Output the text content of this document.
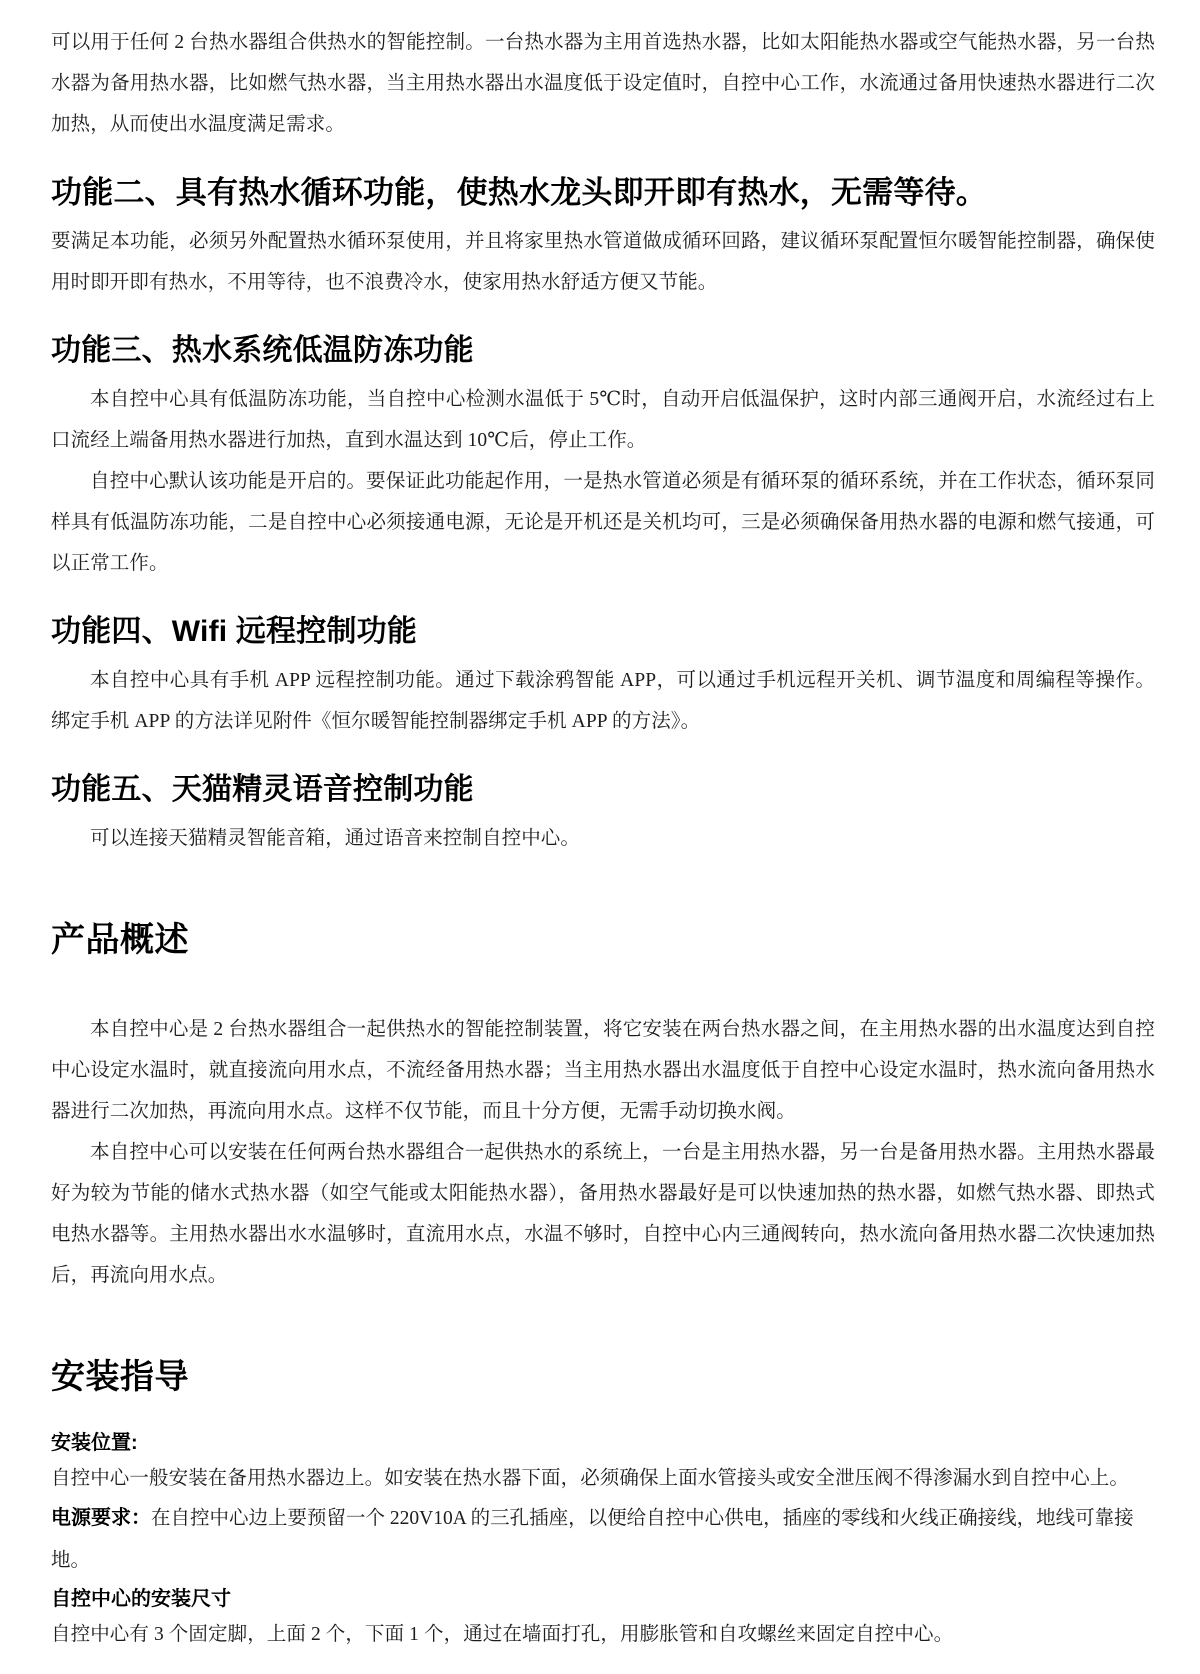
可以用于任何 2 台热水器组合供热水的智能控制。一台热水器为主用首选热水器，比如太阳能热水器或空气能热水器，另一台热水器为备用热水器，比如燃气热水器，当主用热水器出水温度低于设定值时，自控中心工作，水流通过备用快速热水器进行二次加热，从而使出水温度满足需求。

功能二、具有热水循环功能，使热水龙头即开即有热水，无需等待。

要满足本功能，必须另外配置热水循环泵使用，并且将家里热水管道做成循环回路，建议循环泵配置恒尔暖智能控制器，确保使用时即开即有热水，不用等待，也不浪费冷水，使家用热水舒适方便又节能。

功能三、热水系统低温防冻功能

本自控中心具有低温防冻功能，当自控中心检测水温低于 5℃时，自动开启低温保护，这时内部三通阀开启，水流经过右上口流经上端备用热水器进行加热，直到水温达到 10℃后，停止工作。

自控中心默认该功能是开启的。要保证此功能起作用，一是热水管道必须是有循环泵的循环系统，并在工作状态，循环泵同样具有低温防冻功能，二是自控中心必须接通电源，无论是开机还是关机均可，三是必须确保备用热水器的电源和燃气接通，可以正常工作。

功能四、Wifi 远程控制功能

本自控中心具有手机 APP 远程控制功能。通过下载涂鸦智能 APP，可以通过手机远程开关机、调节温度和周编程等操作。绑定手机 APP 的方法详见附件《恒尔暖智能控制器绑定手机 APP 的方法》。

功能五、天猫精灵语音控制功能

可以连接天猫精灵智能音箱，通过语音来控制自控中心。

产品概述

本自控中心是 2 台热水器组合一起供热水的智能控制装置，将它安装在两台热水器之间，在主用热水器的出水温度达到自控中心设定水温时，就直接流向用水点，不流经备用热水器；当主用热水器出水温度低于自控中心设定水温时，热水流向备用热水器进行二次加热，再流向用水点。这样不仅节能，而且十分方便，无需手动切换水阀。

本自控中心可以安装在任何两台热水器组合一起供热水的系统上，一台是主用热水器，另一台是备用热水器。主用热水器最好为较为节能的储水式热水器（如空气能或太阳能热水器），备用热水器最好是可以快速加热的热水器，如燃气热水器、即热式电热水器等。主用热水器出水水温够时，直流用水点，水温不够时，自控中心内三通阀转向，热水流向备用热水器二次快速加热后，再流向用水点。

安装指导

安装位置:

自控中心一般安装在备用热水器边上。如安装在热水器下面，必须确保上面水管接头或安全泄压阀不得渗漏水到自控中心上。

电源要求：在自控中心边上要预留一个 220V10A 的三孔插座，以便给自控中心供电，插座的零线和火线正确接线，地线可靠接地。

自控中心的安装尺寸

自控中心有 3 个固定脚，上面 2 个，下面 1 个，通过在墙面打孔，用膨胀管和自攻螺丝来固定自控中心。
